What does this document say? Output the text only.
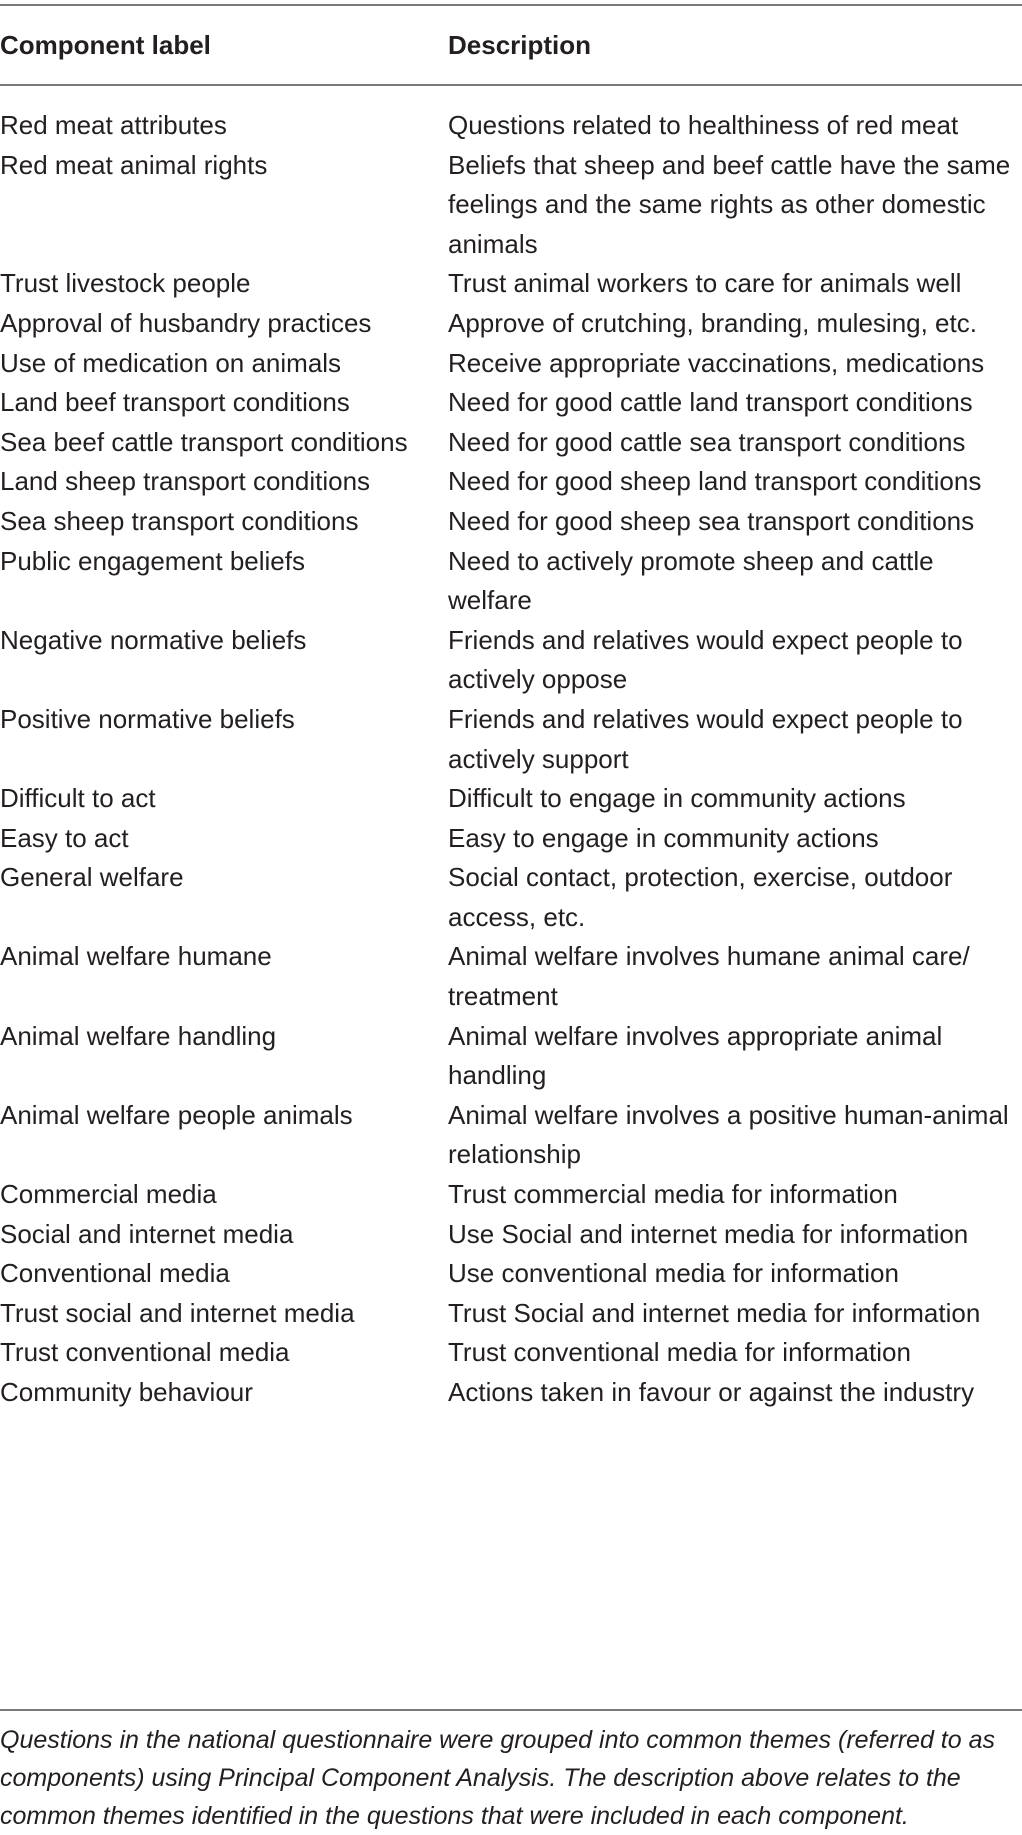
Component label	Description
Red meat attributes	Questions related to healthiness of red meat
Red meat animal rights	Beliefs that sheep and beef cattle have the same feelings and the same rights as other domestic animals
Trust livestock people	Trust animal workers to care for animals well
Approval of husbandry practices	Approve of crutching, branding, mulesing, etc.
Use of medication on animals	Receive appropriate vaccinations, medications
Land beef transport conditions	Need for good cattle land transport conditions
Sea beef cattle transport conditions	Need for good cattle sea transport conditions
Land sheep transport conditions	Need for good sheep land transport conditions
Sea sheep transport conditions	Need for good sheep sea transport conditions
Public engagement beliefs	Need to actively promote sheep and cattle welfare
Negative normative beliefs	Friends and relatives would expect people to actively oppose
Positive normative beliefs	Friends and relatives would expect people to actively support
Difficult to act	Difficult to engage in community actions
Easy to act	Easy to engage in community actions
General welfare	Social contact, protection, exercise, outdoor access, etc.
Animal welfare humane	Animal welfare involves humane animal care/ treatment
Animal welfare handling	Animal welfare involves appropriate animal handling
Animal welfare people animals	Animal welfare involves a positive human-animal relationship
Commercial media	Trust commercial media for information
Social and internet media	Use Social and internet media for information
Conventional media	Use conventional media for information
Trust social and internet media	Trust Social and internet media for information
Trust conventional media	Trust conventional media for information
Community behaviour	Actions taken in favour or against the industry
Questions in the national questionnaire were grouped into common themes (referred to as components) using Principal Component Analysis. The description above relates to the common themes identified in the questions that were included in each component.
